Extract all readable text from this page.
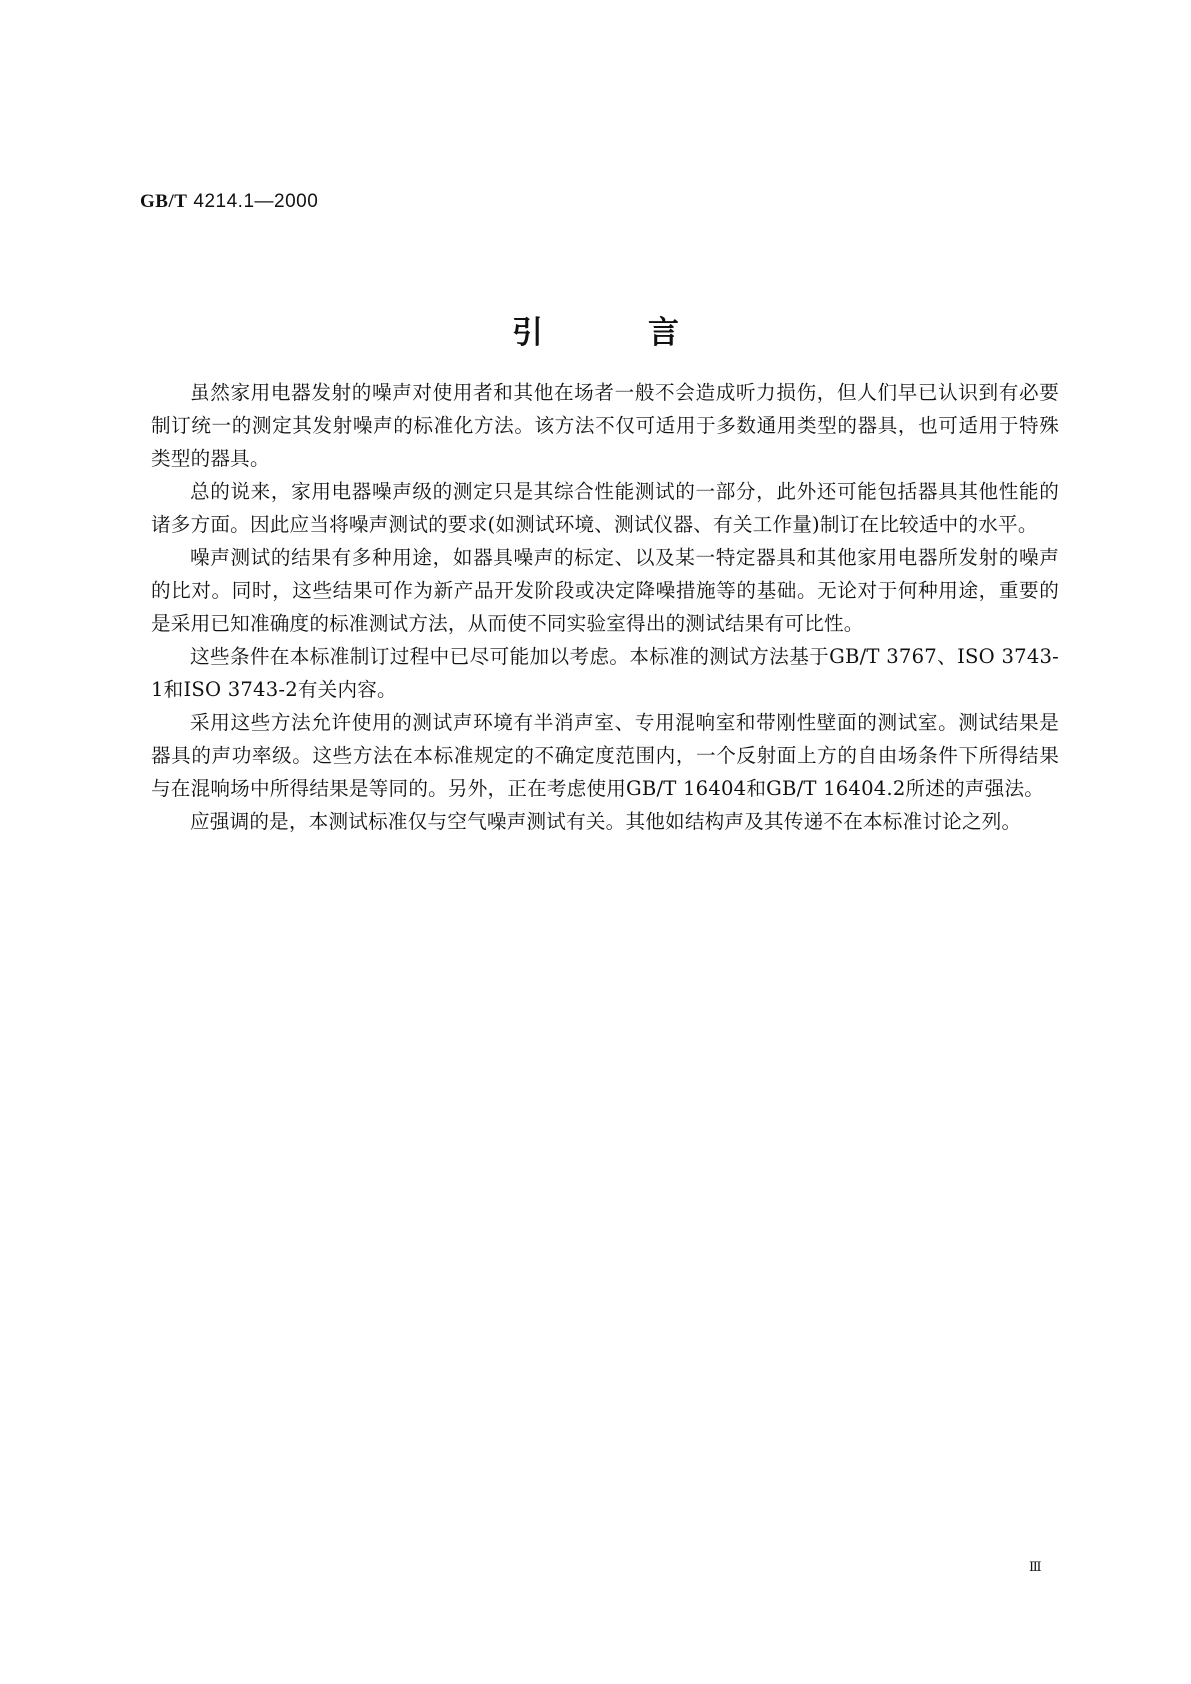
GB/T 4214.1—2000
引言

虽然家用电器发射的噪声对使用者和其他在场者一般不会造成听力损伤，但人们早已认识到有必要制订统一的测定其发射噪声的标准化方法。该方法不仅可适用于多数通用类型的器具，也可适用于特殊类型的器具。

总的说来，家用电器噪声级的测定只是其综合性能测试的一部分，此外还可能包括器具其他性能的诸多方面。因此应当将噪声测试的要求(如测试环境、测试仪器、有关工作量)制订在比较适中的水平。

噪声测试的结果有多种用途，如器具噪声的标定、以及某一特定器具和其他家用电器所发射的噪声的比对。同时，这些结果可作为新产品开发阶段或决定降噪措施等的基础。无论对于何种用途，重要的是采用已知准确度的标准测试方法，从而使不同实验室得出的测试结果有可比性。

这些条件在本标准制订过程中已尽可能加以考虑。本标准的测试方法基于GB/T 3767、ISO 3743-1和ISO 3743-2有关内容。

采用这些方法允许使用的测试声环境有半消声室、专用混响室和带刚性壁面的测试室。测试结果是器具的声功率级。这些方法在本标准规定的不确定度范围内，一个反射面上方的自由场条件下所得结果与在混响场中所得结果是等同的。另外，正在考虑使用GB/T 16404和GB/T 16404.2所述的声强法。

应强调的是，本测试标准仅与空气噪声测试有关。其他如结构声及其传递不在本标准讨论之列。

Ⅲ
